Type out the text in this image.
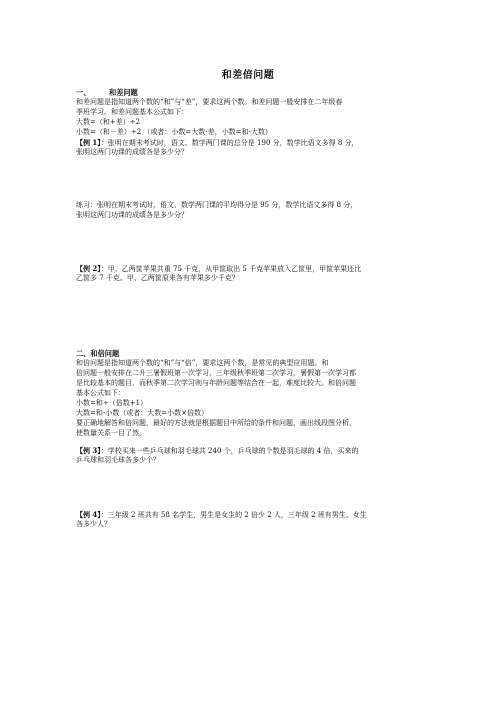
和差倍问题
一、	和差问题
和差问题是指知道两个数的“和”与“差”，要求这两个数。和差问题一般安排在二年级春
季班学习。和差问题基本公式如下：
大数=（和+差）÷2
小数=（和－差）÷2 （或者：小数=大数-差，小数=和-大数）
【例 1】：张明在期末考试时，语文、数学两门课的总分是 190 分，数学比语文多得 8 分，
张明这两门功课的成绩各是多少分？
练习：张明在期末考试时，语文、数学两门课的平均得分是 95 分，数学比语文多得 8 分，
张明这两门功课的成绩各是多少分？
【例 2】：甲、乙两筐苹果共重 75 千克，从甲筐取出 5 千克苹果放入乙筐里，甲筐苹果还比
乙筐多 7 千克。甲、乙两筐原来各有苹果多少千克？
二、和倍问题
和倍问题是指知道两个数的“和”与“倍”，要求这两个数，是常见的典型应用题。和
倍问题一般安排在二升三暑假班第一次学习，三年级秋季班第二次学习，暑假第一次学习都
是比较基本的题目，而秋季第二次学习则与年龄问题等结合在一起，难度比较大。和倍问题
基本公式如下：
小数=和÷（倍数+1）
大数=和-小数（或者：大数=小数×倍数）
要正确地解答和倍问题，最好的方法就是根据题目中所给的条件和问题，画出线段图分析，
使数量关系一目了然。
【例 3】：学校买来一些乒乓球和羽毛球共 240 个，乒乓球的个数是羽毛球的 4 倍，买来的
乒乓球和羽毛球各多少个？
【例 4】：三年级 2 班共有 58 名学生，男生是女生的 2 倍少 2 人，三年级 2 班有男生、女生
各多少人？
